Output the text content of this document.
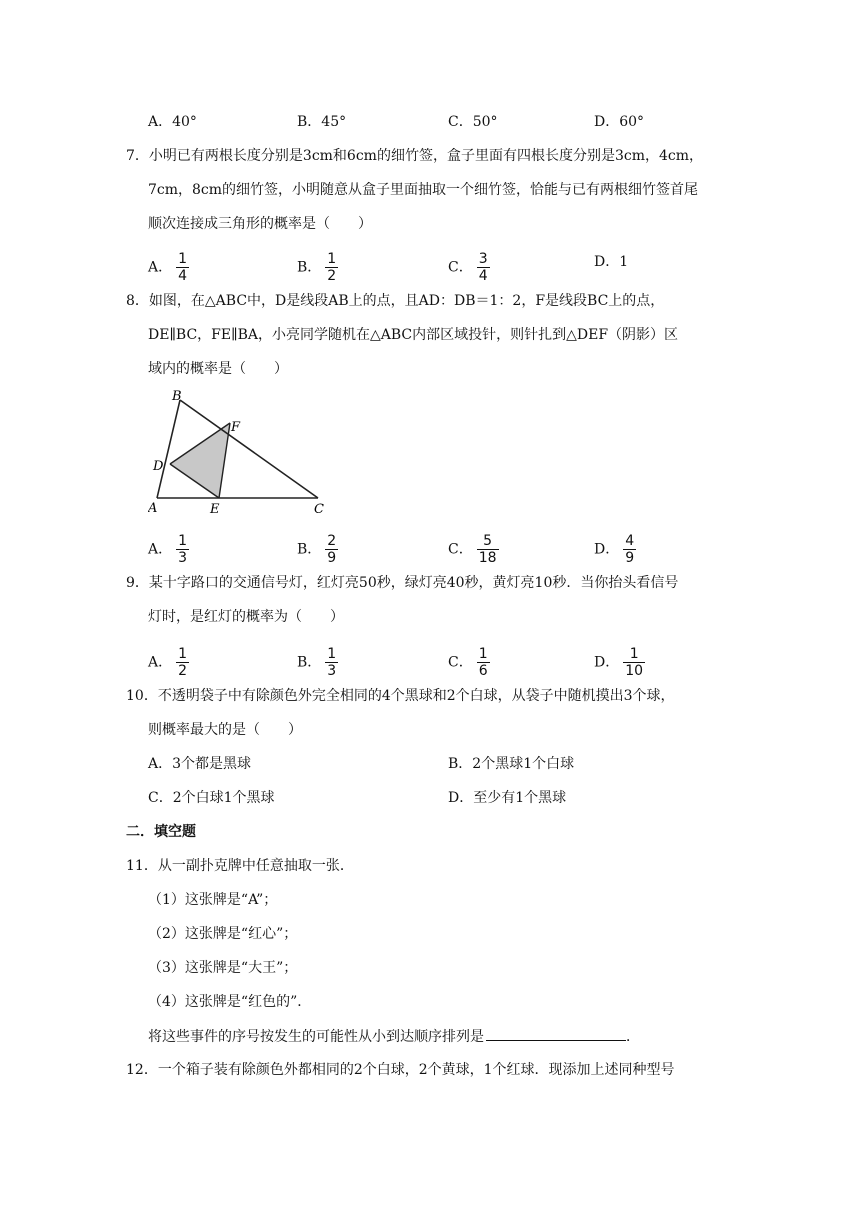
A．40°	B．45°	C．50°	D．60°
7．小明已有两根长度分别是3cm和6cm的细竹签，盒子里面有四根长度分别是3cm，4cm，
7cm，8cm的细竹签，小明随意从盒子里面抽取一个细竹签，恰能与已有两根细竹签首尾
顺次连接成三角形的概率是（　　）
A． $\frac{1}{4}$	B． $\frac{1}{2}$	C． $\frac{3}{4}$	D．1
8．如图，在△ABC中，D是线段AB上的点，且AD：DB＝1：2，F是线段BC上的点，
DE∥BC，FE∥BA，小亮同学随机在△ABC内部区域投针，则针扎到△DEF（阴影）区
域内的概率是（　　）
B
F
D
A	E	C
A． $\frac{1}{3}$	B． $\frac{2}{9}$	C． $\frac{5}{18}$	D． $\frac{4}{9}$
9．某十字路口的交通信号灯，红灯亮50秒，绿灯亮40秒，黄灯亮10秒．当你抬头看信号
灯时，是红灯的概率为（　　）
A． $\frac{1}{2}$	B． $\frac{1}{3}$	C． $\frac{1}{6}$	D． $\frac{1}{10}$
10．不透明袋子中有除颜色外完全相同的4个黑球和2个白球，从袋子中随机摸出3个球，
则概率最大的是（　　）
A．3个都是黑球	B．2个黑球1个白球
C．2个白球1个黑球	D．至少有1个黑球
二．填空题
11．从一副扑克牌中任意抽取一张．
（1）这张牌是“A”；
（2）这张牌是“红心”；
（3）这张牌是“大王”；
（4）这张牌是“红色的”．
将这些事件的序号按发生的可能性从小到达顺序排列是	．
12．一个箱子装有除颜色外都相同的2个白球，2个黄球，1个红球．现添加上述同种型号
